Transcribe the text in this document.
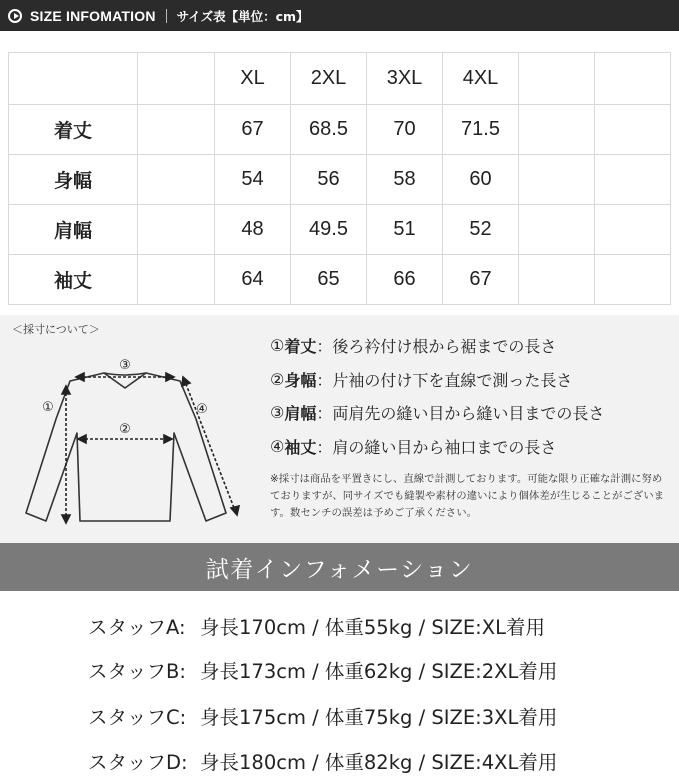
SIZE INFOMATION サイズ表【単位：cm】
		XL	2XL	3XL	4XL		
着丈		67	68.5	70	71.5		
身幅		54	56	58	60		
肩幅		48	49.5	51	52		
袖丈		64	65	66	67		
＜採寸について＞
③
①
②
④
① 着丈 ：後ろ衿付け根から裾までの長さ
② 身幅 ：片袖の付け下を直線で測った長さ
③ 肩幅 ：両肩先の縫い目から縫い目までの長さ
④ 袖丈 ：肩の縫い目から袖口までの長さ
※採寸は商品を平置きにし、直線で計測しております。可能な限り正確な計測に努めておりますが、同サイズでも縫製や素材の違いにより個体差が生じることがございます。数センチの誤差は予めご了承ください。
試着インフォメーション
スタッフA: 身長170cm / 体重55kg / SIZE:XL着用
スタッフB: 身長173cm / 体重62kg / SIZE:2XL着用
スタッフC: 身長175cm / 体重75kg / SIZE:3XL着用
スタッフD: 身長180cm / 体重82kg / SIZE:4XL着用
